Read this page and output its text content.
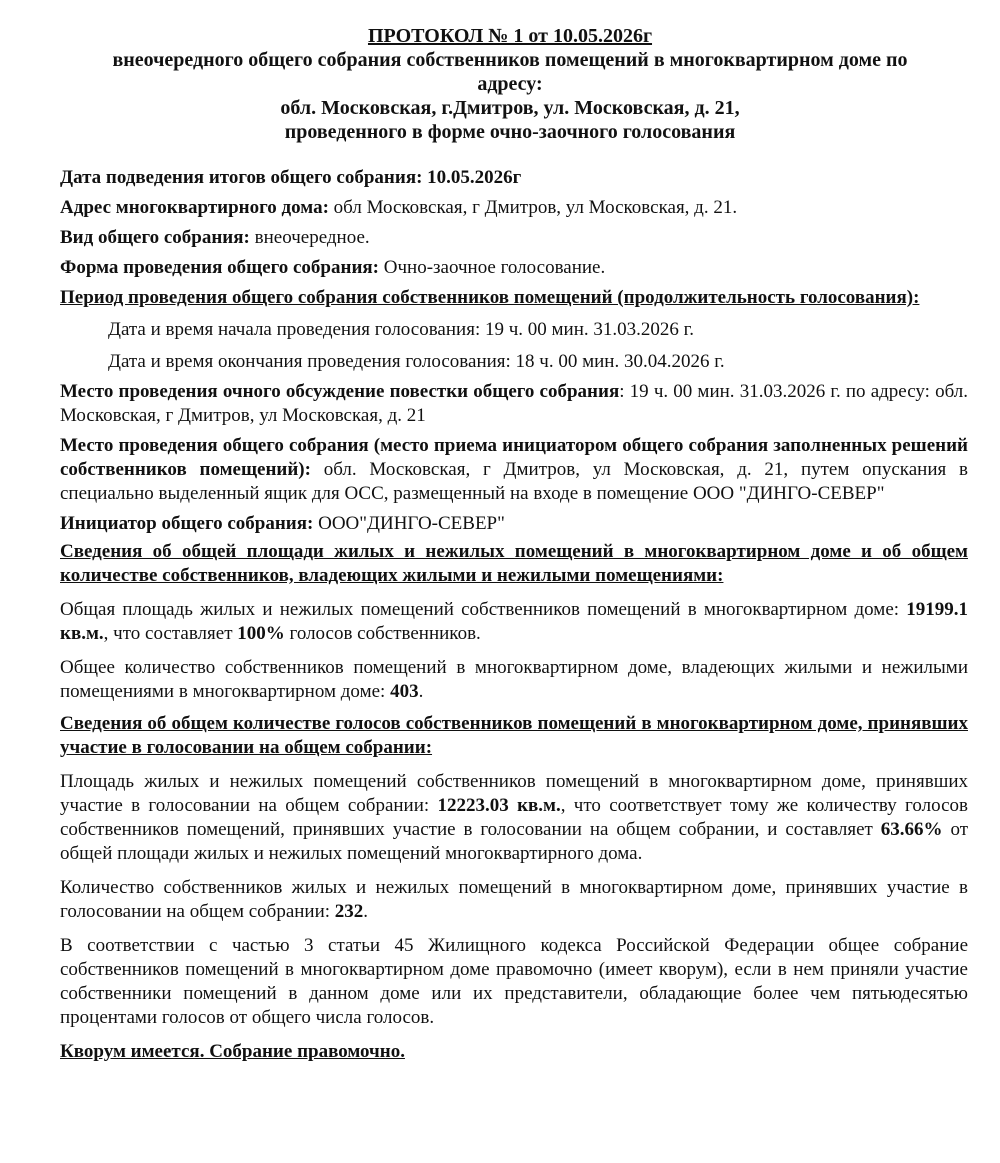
ПРОТОКОЛ № 1 от 10.05.2026г

внеочередного общего собрания собственников помещений в многоквартирном доме по

адресу:

обл. Московская, г.Дмитров, ул. Московская, д. 21,

проведенного в форме очно-заочного голосования

Дата подведения итогов общего собрания: 10.05.2026г

Адрес многоквартирного дома: обл Московская, г Дмитров, ул Московская, д. 21.

Вид общего собрания: внеочередное.

Форма проведения общего собрания: Очно-заочное голосование.

Период проведения общего собрания собственников помещений (продолжительность голосования):

Дата и время начала проведения голосования: 19 ч. 00 мин. 31.03.2026 г.

Дата и время окончания проведения голосования: 18 ч. 00 мин. 30.04.2026 г.

Место проведения очного обсуждение повестки общего собрания: 19 ч. 00 мин. 31.03.2026 г. по адресу: обл. Московская, г Дмитров, ул Московская, д. 21

Место проведения общего собрания (место приема инициатором общего собрания заполненных решений собственников помещений): обл. Московская, г Дмитров, ул Московская, д. 21, путем опускания в специально выделенный ящик для ОСС, размещенный на входе в помещение ООО "ДИНГО-СЕВЕР"

Инициатор общего собрания: ООО"ДИНГО-СЕВЕР"

Сведения об общей площади жилых и нежилых помещений в многоквартирном доме и об общем количестве собственников, владеющих жилыми и нежилыми помещениями:

Общая площадь жилых и нежилых помещений собственников помещений в многоквартирном доме: 19199.1 кв.м., что составляет 100% голосов собственников.

Общее количество собственников помещений в многоквартирном доме, владеющих жилыми и нежилыми помещениями в многоквартирном доме: 403.

Сведения об общем количестве голосов собственников помещений в многоквартирном доме, принявших участие в голосовании на общем собрании:

Площадь жилых и нежилых помещений собственников помещений в многоквартирном доме, принявших участие в голосовании на общем собрании: 12223.03 кв.м., что соответствует тому же количеству голосов собственников помещений, принявших участие в голосовании на общем собрании, и составляет 63.66% от общей площади жилых и нежилых помещений многоквартирного дома.

Количество собственников жилых и нежилых помещений в многоквартирном доме, принявших участие в голосовании на общем собрании: 232.

В соответствии с частью 3 статьи 45 Жилищного кодекса Российской Федерации общее собрание собственников помещений в многоквартирном доме правомочно (имеет кворум), если в нем приняли участие собственники помещений в данном доме или их представители, обладающие более чем пятьюдесятью процентами голосов от общего числа голосов.

Кворум имеется. Собрание правомочно.
